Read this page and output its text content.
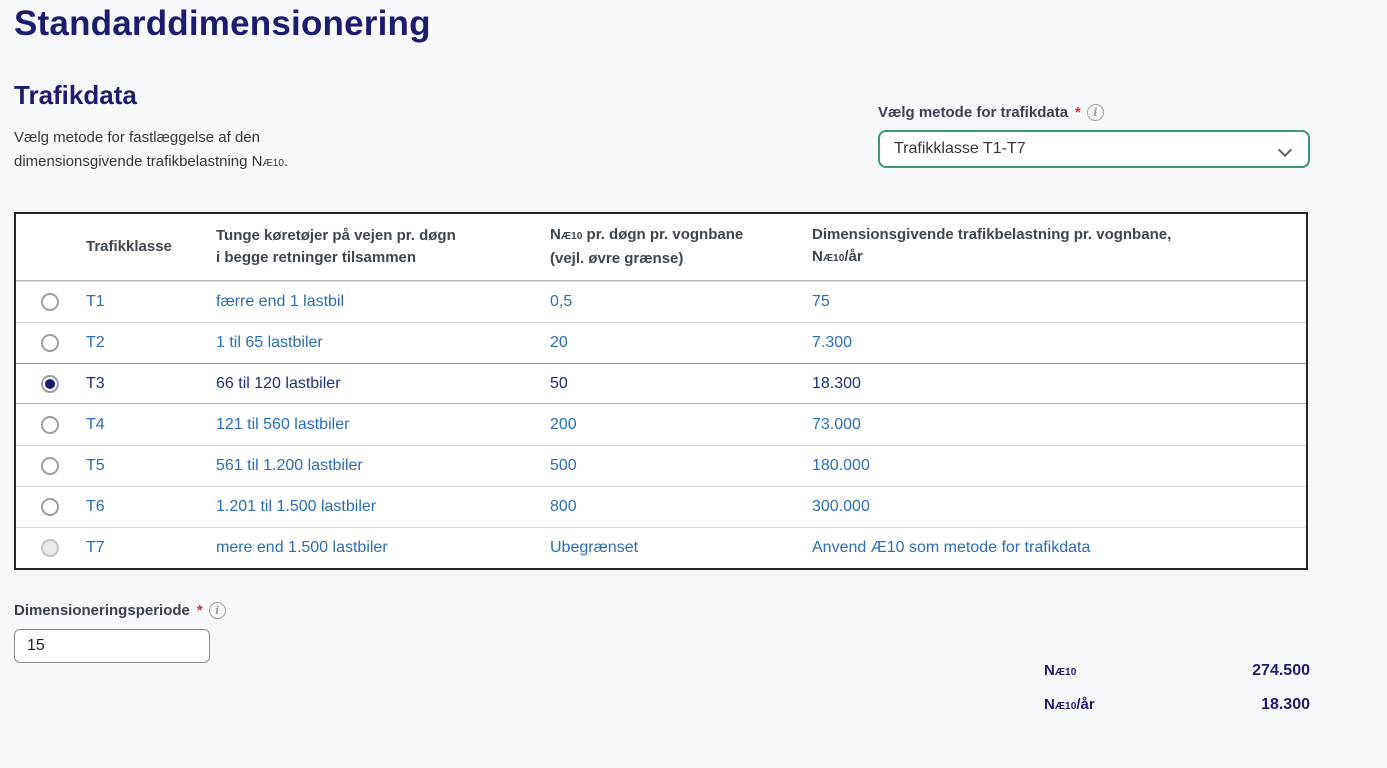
Standarddimensionering
Trafikdata
Vælg metode for fastlæggelse af den
dimensionsgivende trafikbelastning NÆ10.
Vælg metode for trafikdata *	i
Trafikklasse T1-T7
Trafikklasse
Tunge køretøjer på vejen pr. døgn
i begge retninger tilsammen
NÆ10 pr. døgn pr. vognbane
(vejl. øvre grænse)
Dimensionsgivende trafikbelastning pr. vognbane,
NÆ10/år
T1	færre end 1 lastbil	0,5	75
T2	1 til 65 lastbiler	20	7.300
T3	66 til 120 lastbiler	50	18.300
T4	121 til 560 lastbiler	200	73.000
T5	561 til 1.200 lastbiler	500	180.000
T6	1.201 til 1.500 lastbiler	800	300.000
T7	mere end 1.500 lastbiler	Ubegrænset	Anvend Æ10 som metode for trafikdata
Dimensioneringsperiode *	i
15
NÆ10	274.500
NÆ10/år	18.300
